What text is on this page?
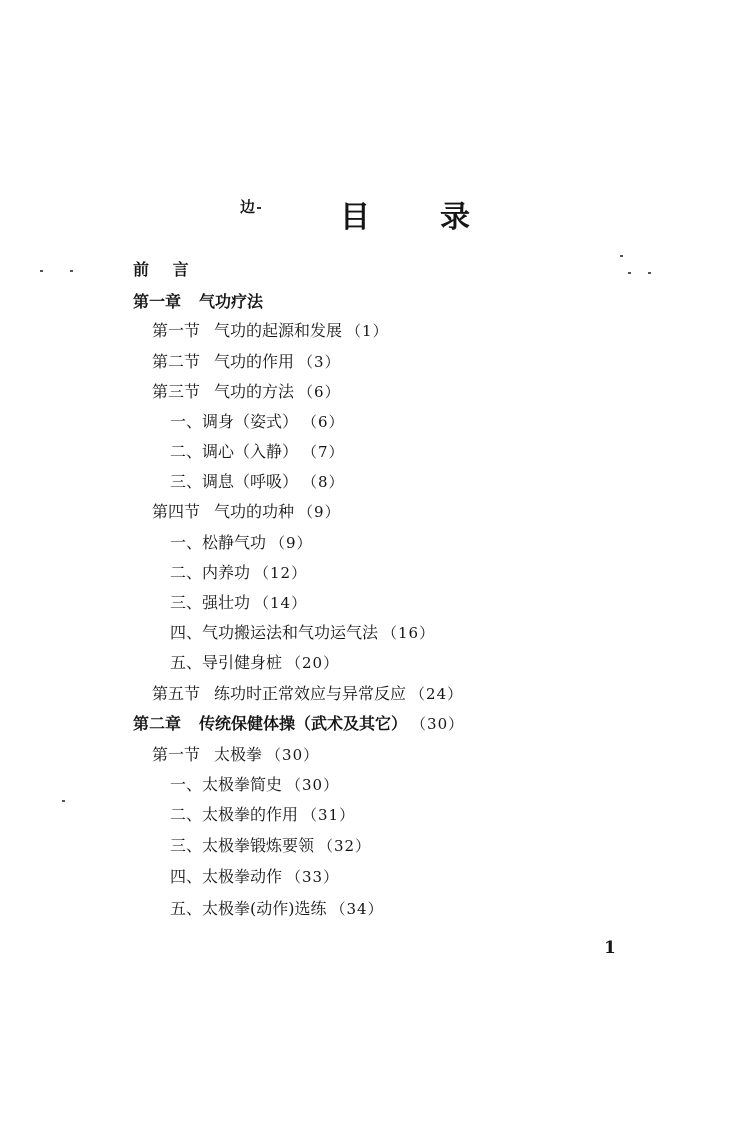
边	目 录
前 言
第一章 气功疗法
第一节 气功的起源和发展 （1）
第二节 气功的作用 （3）
第三节 气功的方法 （6）
一、调身（姿式） （6）
二、调心（入静） （7）
三、调息（呼吸） （8）
第四节 气功的功种 （9）
一、松静气功 （9）
二、内养功 （12）
三、强壮功 （14）
四、气功搬运法和气功运气法 （16）
五、导引健身桩 （20）
第五节 练功时正常效应与异常反应 （24）
第二章 传统保健体操（武术及其它） （30）
第一节 太极拳 （30）
一、太极拳简史 （30）
二、太极拳的作用 （31）
三、太极拳锻炼要领 （32）
四、太极拳动作 （33）
五、太极拳(动作)选练 （34）
1
